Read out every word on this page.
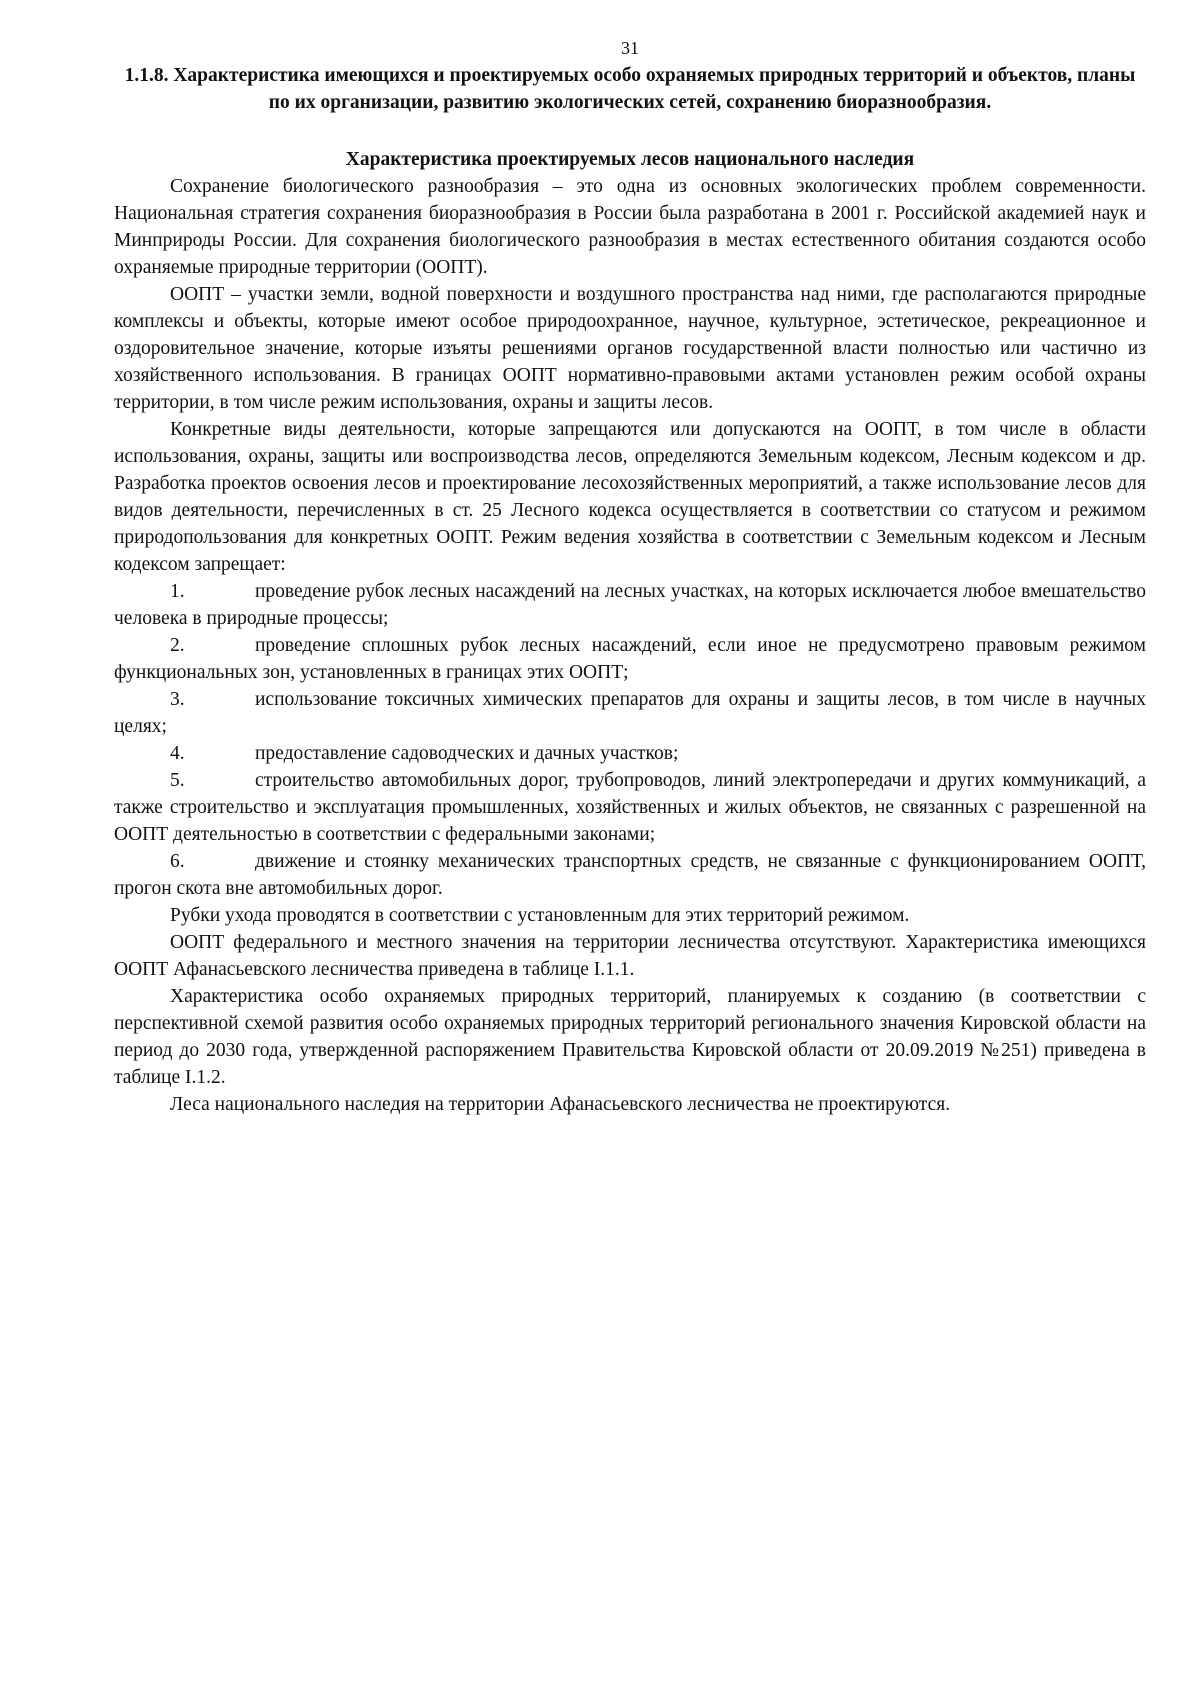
31
1.1.8. Характеристика имеющихся и проектируемых особо охраняемых природных территорий и объектов, планы по их организации, развитию экологических сетей, сохранению биоразнообразия.
Характеристика проектируемых лесов национального наследия

Сохранение биологического разнообразия – это одна из основных экологических проблем современности. Национальная стратегия сохранения биоразнообразия в России была разработана в 2001 г. Российской академией наук и Минприроды России. Для сохранения биологического разнообразия в местах естественного обитания создаются особо охраняемые природные территории (ООПТ).

ООПТ – участки земли, водной поверхности и воздушного пространства над ними, где располагаются природные комплексы и объекты, которые имеют особое природоохранное, научное, культурное, эстетическое, рекреационное и оздоровительное значение, которые изъяты решениями органов государственной власти полностью или частично из хозяйственного использования. В границах ООПТ нормативно-правовыми актами установлен режим особой охраны территории, в том числе режим использования, охраны и защиты лесов.

Конкретные виды деятельности, которые запрещаются или допускаются на ООПТ, в том числе в области использования, охраны, защиты или воспроизводства лесов, определяются Земельным кодексом, Лесным кодексом и др. Разработка проектов освоения лесов и проектирование лесохозяйственных мероприятий, а также использование лесов для видов деятельности, перечисленных в ст. 25 Лесного кодекса осуществляется в соответствии со статусом и режимом природопользования для конкретных ООПТ. Режим ведения хозяйства в соответствии с Земельным кодексом и Лесным кодексом запрещает:

1.	проведение рубок лесных насаждений на лесных участках, на которых исключается любое вмешательство человека в природные процессы;

2.	проведение сплошных рубок лесных насаждений, если иное не предусмотрено правовым режимом функциональных зон, установленных в границах этих ООПТ;

3.	использование токсичных химических препаратов для охраны и защиты лесов, в том числе в научных целях;

4.	предоставление садоводческих и дачных участков;

5.	строительство автомобильных дорог, трубопроводов, линий электропередачи и других коммуникаций, а также строительство и эксплуатация промышленных, хозяйственных и жилых объектов, не связанных с разрешенной на ООПТ деятельностью в соответствии с федеральными законами;

6.	движение и стоянку механических транспортных средств, не связанные с функционированием ООПТ, прогон скота вне автомобильных дорог.

Рубки ухода проводятся в соответствии с установленным для этих территорий режимом.

ООПТ федерального и местного значения на территории лесничества отсутствуют. Характеристика имеющихся ООПТ Афанасьевского лесничества приведена в таблице I.1.1.

Характеристика особо охраняемых природных территорий, планируемых к созданию (в соответствии с перспективной схемой развития особо охраняемых природных территорий регионального значения Кировской области на период до 2030 года, утвержденной распоряжением Правительства Кировской области от 20.09.2019 №251) приведена в таблице I.1.2.

Леса национального наследия на территории Афанасьевского лесничества не проектируются.
